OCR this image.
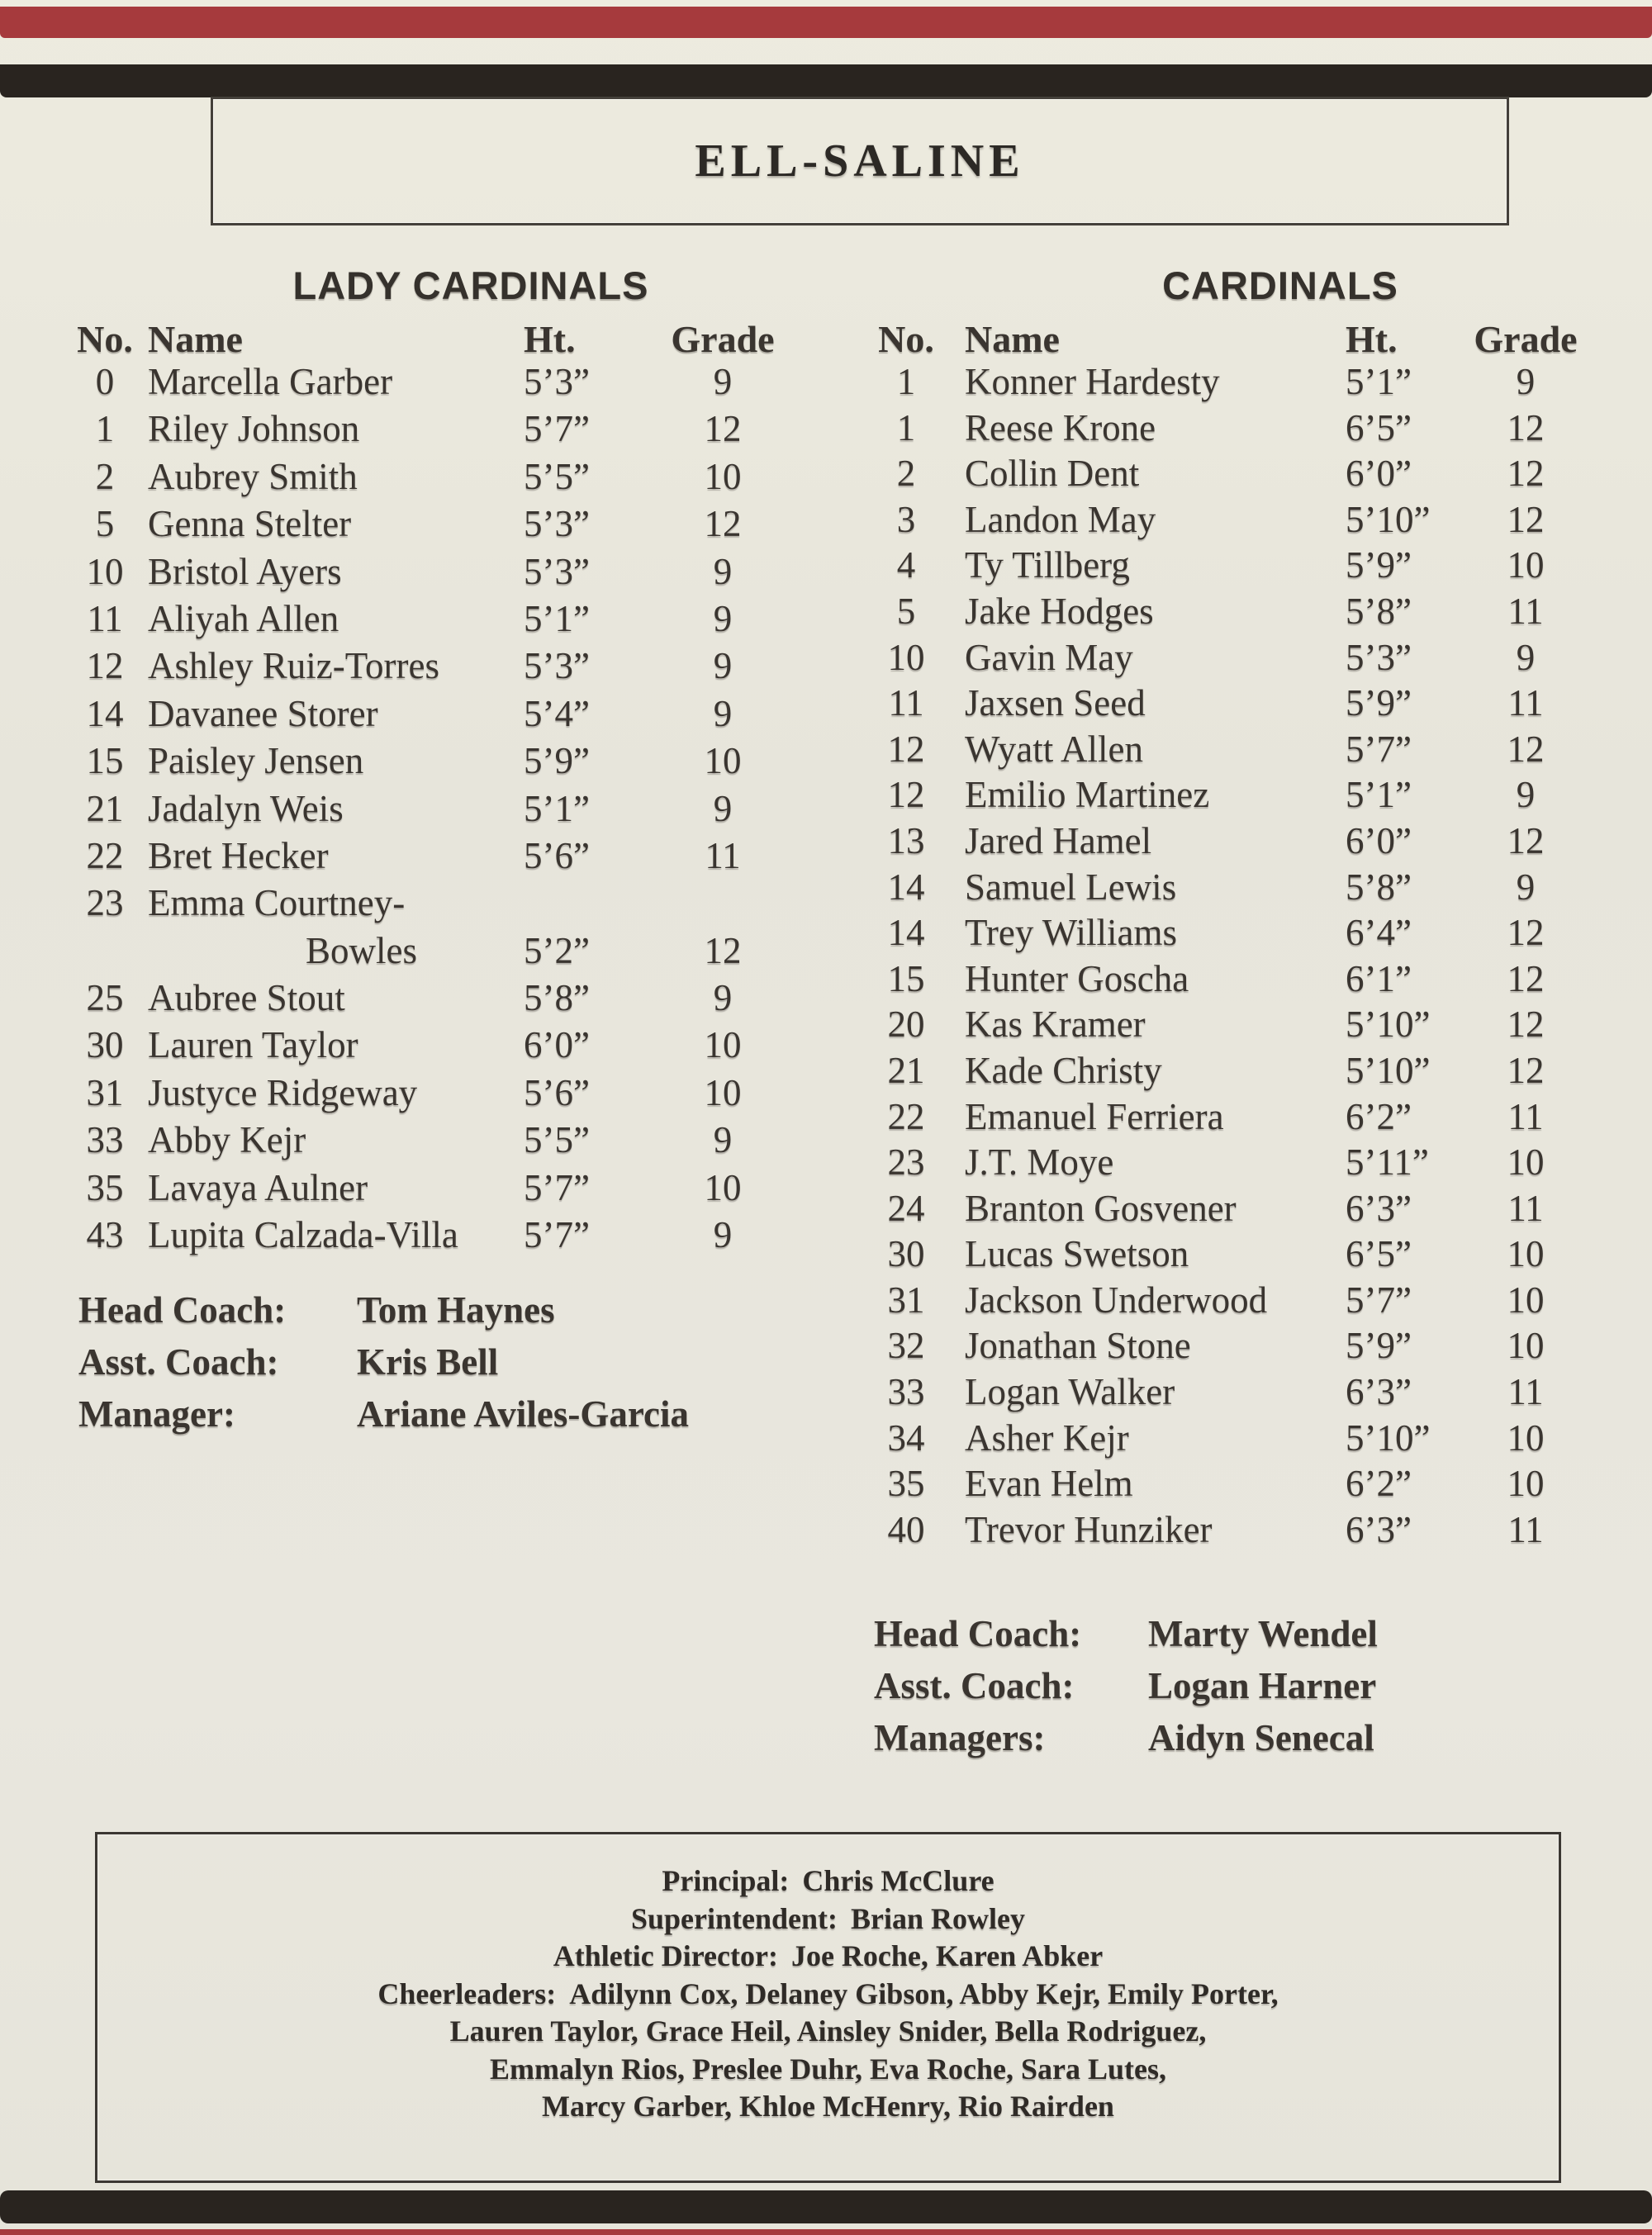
ELL-SALINE
LADY CARDINALS
No. Name	Ht.	Grade
0 Marcella Garber	5’3”	9
1 Riley Johnson	5’7”	12
2 Aubrey Smith	5’5”	10
5 Genna Stelter	5’3”	12
10 Bristol Ayers	5’3”	9
11 Aliyah Allen	5’1”	9
12 Ashley Ruiz-Torres 5’3”	9
14 Davanee Storer	5’4”	9
15 Paisley Jensen	5’9”	10
21 Jadalyn Weis	5’1”	9
22 Bret Hecker	5’6”	11
23 Emma Courtney-
Bowles	5’2”	12
25 Aubree Stout	5’8”	9
30 Lauren Taylor	6’0”	10
31 Justyce Ridgeway	5’6”	10
33 Abby Kejr	5’5”	9
35 Lavaya Aulner	5’7”	10
43 Lupita Calzada-Villa 5’7”	9
Head Coach: Tom Haynes
Asst. Coach: Kris Bell
Manager:	Ariane Aviles-Garcia
CARDINALS
No. Name	Ht. Grade
1	Konner Hardesty	5’1”	9
1	Reese Krone	6’5”	12
2	Collin Dent	6’0”	12
3	Landon May	5’10”	12
4	Ty Tillberg	5’9”	10
5	Jake Hodges	5’8”	11
10	Gavin May	5’3”	9
11	Jaxsen Seed	5’9”	11
12	Wyatt Allen	5’7”	12
12	Emilio Martinez	5’1”	9
13	Jared Hamel	6’0”	12
14	Samuel Lewis	5’8”	9
14	Trey Williams	6’4”	12
15	Hunter Goscha	6’1”	12
20	Kas Kramer	5’10”	12
21	Kade Christy	5’10”	12
22	Emanuel Ferriera	6’2”	11
23	J.T. Moye	5’11”	10
24	Branton Gosvener	6’3”	11
30	Lucas Swetson	6’5”	10
31	Jackson Underwood 5’7”	10
32	Jonathan Stone	5’9”	10
33	Logan Walker	6’3”	11
34	Asher Kejr	5’10”	10
35	Evan Helm	6’2”	10
40	Trevor Hunziker	6’3”	11
Head Coach: Marty Wendel
Asst. Coach: Logan Harner
Managers:	Aidyn Senecal
Principal: Chris McClure
Superintendent: Brian Rowley
Athletic Director: Joe Roche, Karen Abker
Cheerleaders: Adilynn Cox, Delaney Gibson, Abby Kejr, Emily Porter,
Lauren Taylor, Grace Heil, Ainsley Snider, Bella Rodriguez,
Emmalyn Rios, Preslee Duhr, Eva Roche, Sara Lutes,
Marcy Garber, Khloe McHenry, Rio Rairden
